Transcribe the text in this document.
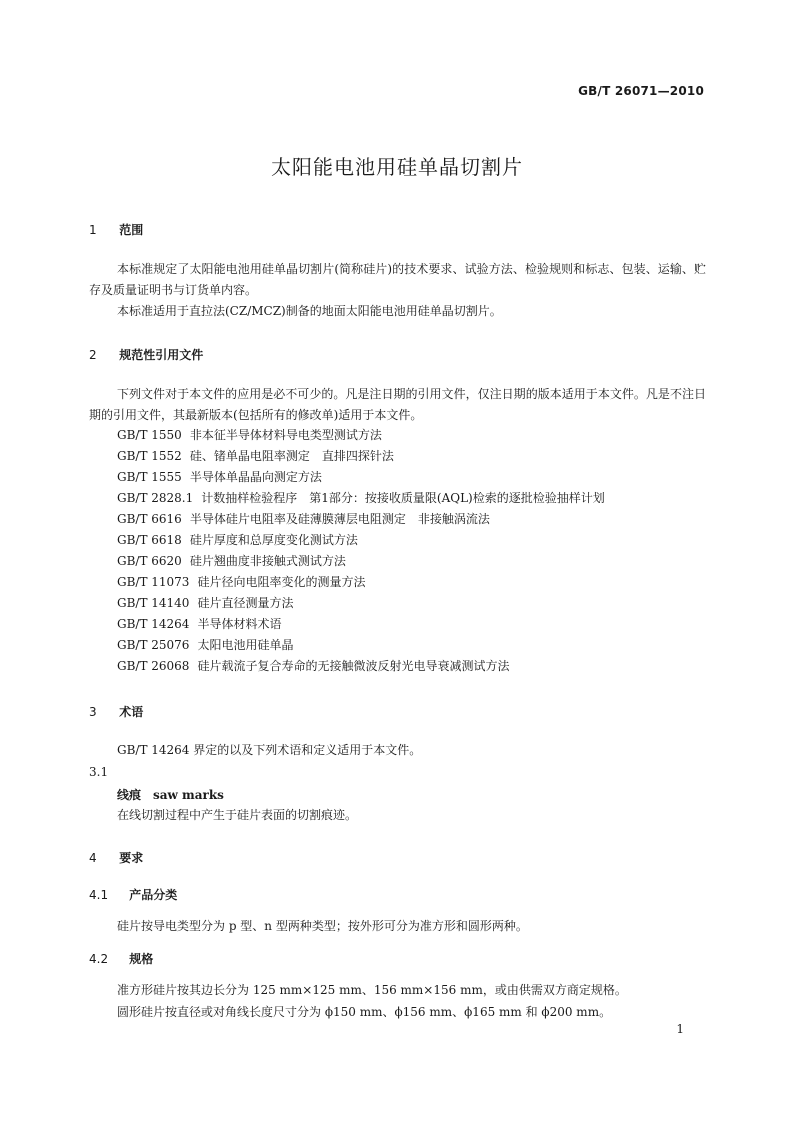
GB/T 26071—2010
太阳能电池用硅单晶切割片
1 范围

本标准规定了太阳能电池用硅单晶切割片(简称硅片)的技术要求、试验方法、检验规则和标志、包装、运输、贮存及质量证明书与订货单内容。

本标准适用于直拉法(CZ/MCZ)制备的地面太阳能电池用硅单晶切割片。

2 规范性引用文件

下列文件对于本文件的应用是必不可少的。凡是注日期的引用文件，仅注日期的版本适用于本文件。凡是不注日期的引用文件，其最新版本(包括所有的修改单)适用于本文件。

GB/T 1550 非本征半导体材料导电类型测试方法
GB/T 1552 硅、锗单晶电阻率测定　直排四探针法
GB/T 1555 半导体单晶晶向测定方法
GB/T 2828.1 计数抽样检验程序　第1部分：按接收质量限(AQL)检索的逐批检验抽样计划
GB/T 6616 半导体硅片电阻率及硅薄膜薄层电阻测定　非接触涡流法
GB/T 6618 硅片厚度和总厚度变化测试方法
GB/T 6620 硅片翘曲度非接触式测试方法
GB/T 11073 硅片径向电阻率变化的测量方法
GB/T 14140 硅片直径测量方法
GB/T 14264 半导体材料术语
GB/T 25076 太阳电池用硅单晶
GB/T 26068 硅片载流子复合寿命的无接触微波反射光电导衰减测试方法
3 术语
GB/T 14264 界定的以及下列术语和定义适用于本文件。
3.1
线痕 saw marks
在线切割过程中产生于硅片表面的切割痕迹。
4 要求
4.1 产品分类
硅片按导电类型分为 p 型、n 型两种类型；按外形可分为准方形和圆形两种。
4.2 规格
准方形硅片按其边长分为 125 mm×125 mm、156 mm×156 mm，或由供需双方商定规格。
圆形硅片按直径或对角线长度尺寸分为 ϕ150 mm、ϕ156 mm、ϕ165 mm 和 ϕ200 mm。
1
